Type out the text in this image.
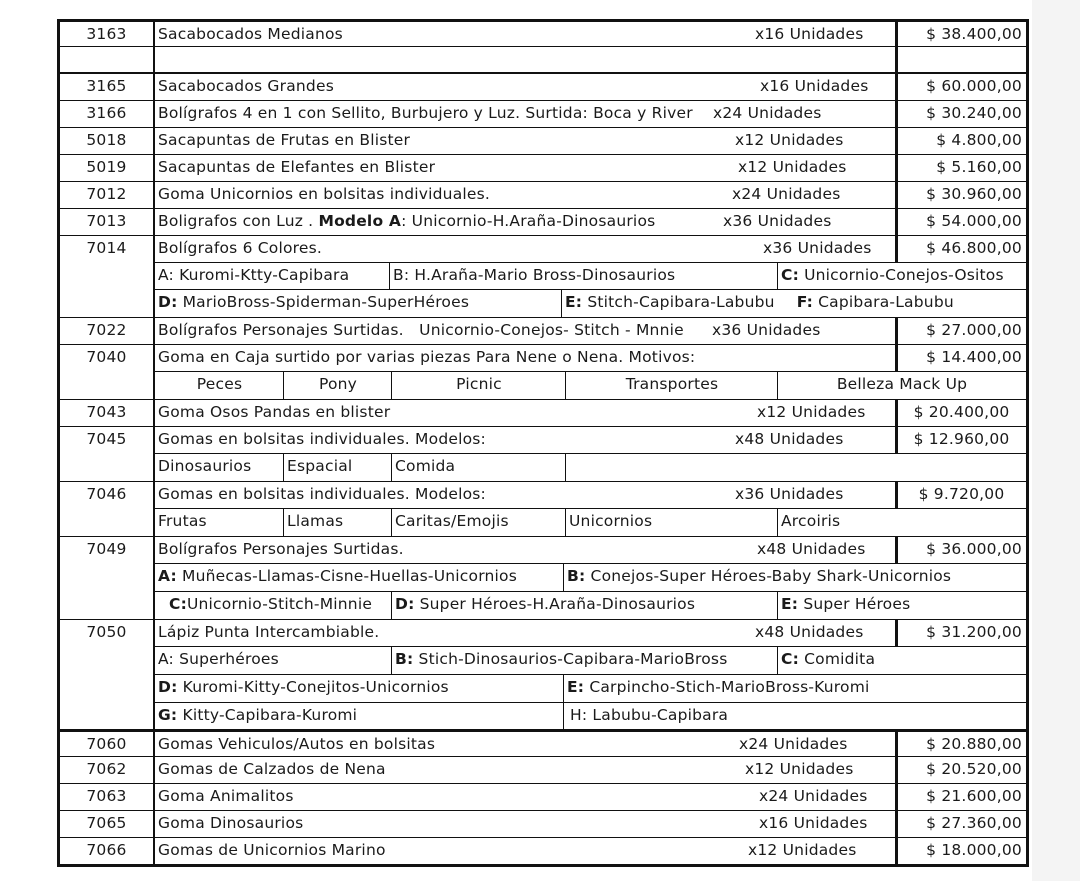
3163	Sacabocados Medianos	x16 Unidades	$ 38.400,00
3165	Sacabocados Grandes	x16 Unidades	$ 60.000,00
3166	Bolígrafos 4 en 1 con Sellito, Burbujero y Luz. Surtida: Boca y River x24 Unidades	$ 30.240,00
5018	Sacapuntas de Frutas en Blister	x12 Unidades	$ 4.800,00
5019	Sacapuntas de Elefantes en Blister	x12 Unidades	$ 5.160,00
7012	Goma Unicornios en bolsitas individuales.	x24 Unidades	$ 30.960,00
7013	Boligrafos con Luz . Modelo A: Unicornio-H.Araña-Dinosaurios	x36 Unidades	$ 54.000,00
7014	Bolígrafos 6 Colores.	x36 Unidades	$ 46.800,00
A: Kuromi-Ktty-Capibara	B: H.Araña-Mario Bross-Dinosaurios	C: Unicornio-Conejos-Ositos
D: MarioBross-Spiderman-SuperHéroes	E: Stitch-Capibara-Labubu F: Capibara-Labubu
7022	Bolígrafos Personajes Surtidas.   Unicornio-Conejos- Stitch - Mnnie x36 Unidades	$ 27.000,00
7040	Goma en Caja surtido por varias piezas Para Nene o Nena. Motivos:	$ 14.400,00
Peces	Pony	Picnic	Transportes	Belleza Mack Up
7043	Goma Osos Pandas en blister	x12 Unidades	$ 20.400,00
7045	Gomas en bolsitas individuales. Modelos:	x48 Unidades	$ 12.960,00
Dinosaurios	Espacial	Comida
7046	Gomas en bolsitas individuales. Modelos:	x36 Unidades	$ 9.720,00
Frutas	Llamas	Caritas/Emojis	Unicornios	Arcoiris
7049	Bolígrafos Personajes Surtidas.	x48 Unidades	$ 36.000,00
A: Muñecas-Llamas-Cisne-Huellas-Unicornios	B: Conejos-Super Héroes-Baby Shark-Unicornios
C:Unicornio-Stitch-Minnie	D: Super Héroes-H.Araña-Dinosaurios	E: Super Héroes
7050	Lápiz Punta Intercambiable.	x48 Unidades	$ 31.200,00
A: Superhéroes	B: Stich-Dinosaurios-Capibara-MarioBross	C: Comidita
D: Kuromi-Kitty-Conejitos-Unicornios	E: Carpincho-Stich-MarioBross-Kuromi
G: Kitty-Capibara-Kuromi	H: Labubu-Capibara
7060	Gomas Vehiculos/Autos en bolsitas	x24 Unidades	$ 20.880,00
7062	Gomas de Calzados de Nena	x12 Unidades	$ 20.520,00
7063	Goma Animalitos	x24 Unidades	$ 21.600,00
7065	Goma Dinosaurios	x16 Unidades	$ 27.360,00
7066	Gomas de Unicornios Marino	x12 Unidades	$ 18.000,00
